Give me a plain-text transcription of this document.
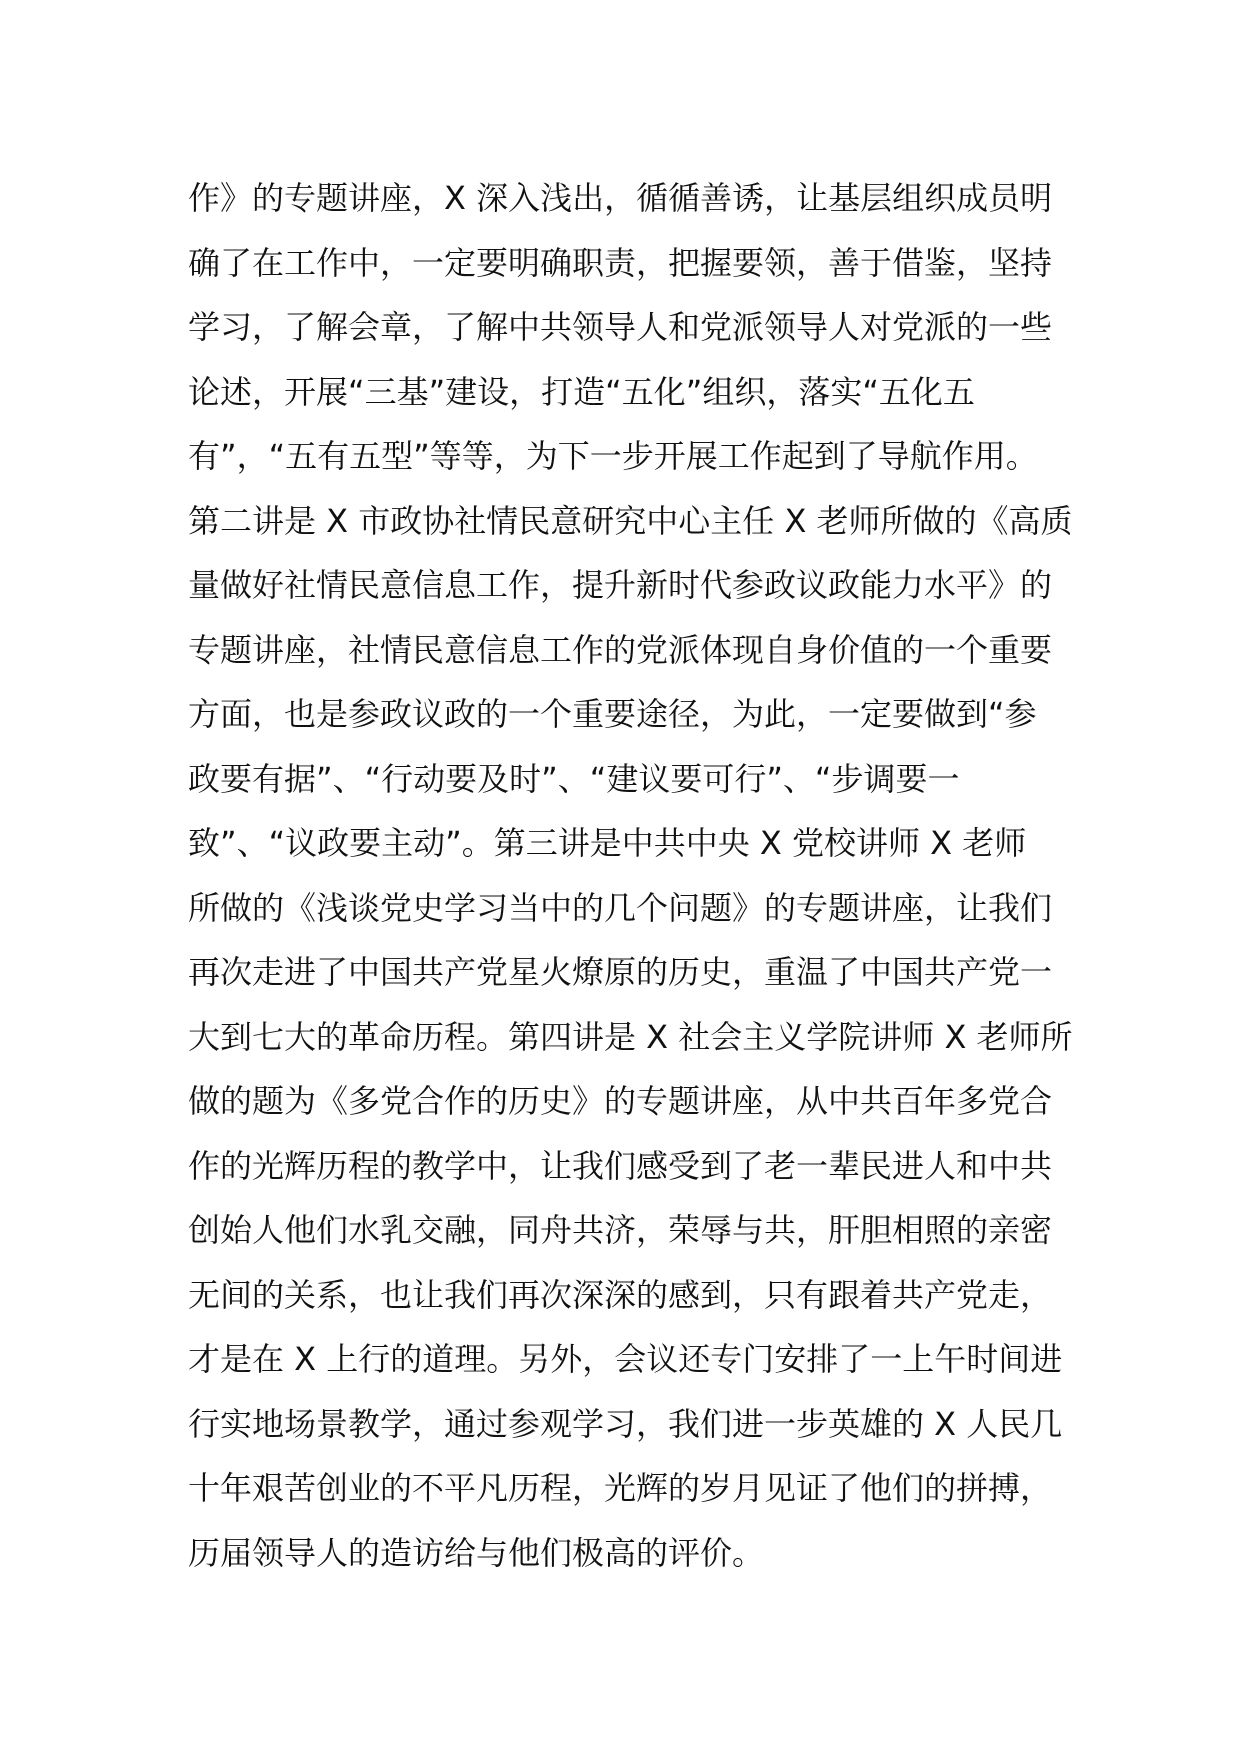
作》的专题讲座，X 深入浅出，循循善诱，让基层组织成员明
确了在工作中，一定要明确职责，把握要领，善于借鉴，坚持
学习，了解会章，了解中共领导人和党派领导人对党派的一些
论述，开展“三基”建设，打造“五化”组织，落实“五化五
有”，“五有五型”等等，为下一步开展工作起到了导航作用。
第二讲是 X 市政协社情民意研究中心主任 X 老师所做的《高质
量做好社情民意信息工作，提升新时代参政议政能力水平》的
专题讲座，社情民意信息工作的党派体现自身价值的一个重要
方面，也是参政议政的一个重要途径，为此，一定要做到“参
政要有据”、“行动要及时”、“建议要可行”、“步调要一
致”、“议政要主动”。第三讲是中共中央 X 党校讲师 X 老师
所做的《浅谈党史学习当中的几个问题》的专题讲座，让我们
再次走进了中国共产党星火燎原的历史，重温了中国共产党一
大到七大的革命历程。第四讲是 X 社会主义学院讲师 X 老师所
做的题为《多党合作的历史》的专题讲座，从中共百年多党合
作的光辉历程的教学中，让我们感受到了老一辈民进人和中共
创始人他们水乳交融，同舟共济，荣辱与共，肝胆相照的亲密
无间的关系，也让我们再次深深的感到，只有跟着共产党走，
才是在 X 上行的道理。另外，会议还专门安排了一上午时间进
行实地场景教学，通过参观学习，我们进一步英雄的 X 人民几
十年艰苦创业的不平凡历程，光辉的岁月见证了他们的拼搏，
历届领导人的造访给与他们极高的评价。
